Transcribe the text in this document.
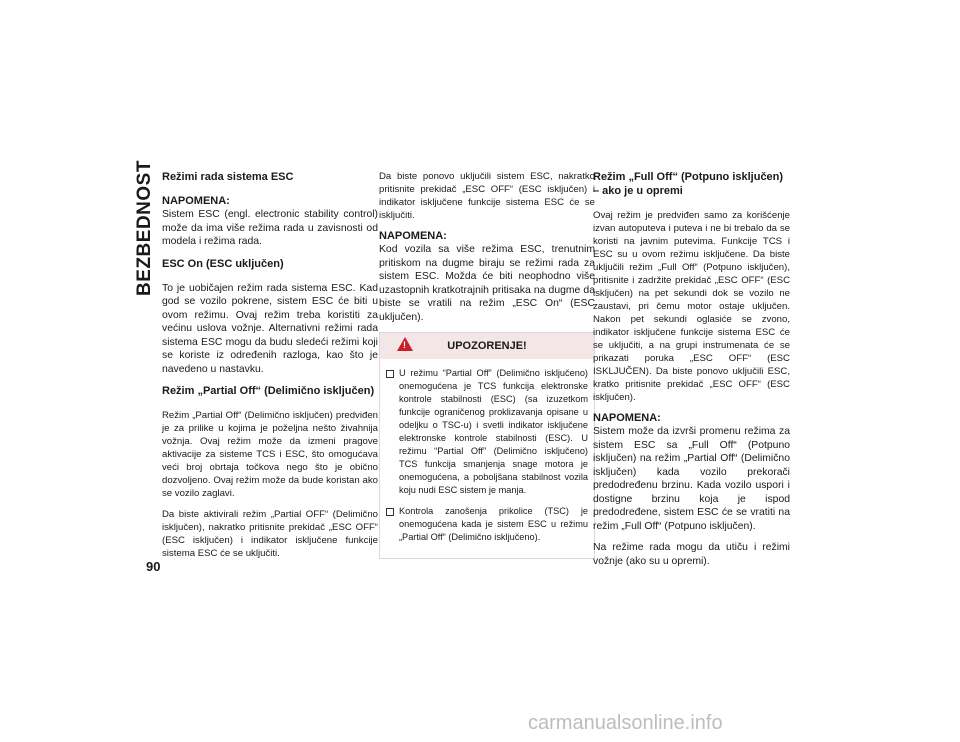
BEZBEDNOST
90
Režimi rada sistema ESC
NAPOMENA:

Sistem ESC (engl. electronic stability control) može da ima više režima rada u zavisnosti od modela i režima rada.

ESC On (ESC uključen)

To je uobičajen režim rada sistema ESC. Kad god se vozilo pokrene, sistem ESC će biti u ovom režimu. Ovaj režim treba koristiti za većinu uslova vožnje. Alternativni režimi rada sistema ESC mogu da budu sledeći režimi koji se koriste iz određenih razloga, kao što je navedeno u nastavku.

Režim „Partial Off“ (Delimično isključen)

Režim „Partial Off“ (Delimično isključen) predviđen je za prilike u kojima je poželjna nešto živahnija vožnja. Ovaj režim može da izmeni pragove aktivacije za sisteme TCS i ESC, što omogućava veći broj obrtaja točkova nego što je obično dozvoljeno. Ovaj režim može da bude koristan ako se vozilo zaglavi.

Da biste aktivirali režim „Partial OFF“ (Delimično isključen), nakratko pritisnite prekidač „ESC OFF“ (ESC isključen) i indikator isključene funkcije sistema ESC će se uključiti.

Da biste ponovo uključili sistem ESC, nakratko pritisnite prekidač „ESC OFF“ (ESC isključen) i indikator isključene funkcije sistema ESC će se isključiti.

NAPOMENA:

Kod vozila sa više režima ESC, trenutnim pritiskom na dugme biraju se režimi rada za sistem ESC. Možda će biti neophodno više uzastopnih kratkotrajnih pritisaka na dugme da biste se vratili na režim „ESC On“ (ESC uključen).

!
UPOZORENJE!
U režimu “Partial Off” (Delimično isključeno) onemogućena je TCS funkcija elektronske kontrole stabilnosti (ESC) (sa izuzetkom funkcije ograničenog proklizavanja opisane u odeljku o TSC-u) i svetli indikator isključene elektronske kontrole stabilnosti (ESC). U režimu “Partial Off” (Delimično isključeno) TCS funkcija smanjenja snage motora je onemogućena, a poboljšana stabilnost vozila koju nudi ESC sistem je manja.
Kontrola zanošenja prikolice (TSC) je onemogućena kada je sistem ESC u režimu „Partial Off“ (Delimično isključeno).
Režim „Full Off“ (Potpuno isključen) – ako je u opremi

Ovaj režim je predviđen samo za korišćenje izvan autoputeva i puteva i ne bi trebalo da se koristi na javnim putevima. Funkcije TCS i ESC su u ovom režimu isključene. Da biste uključili režim „Full Off“ (Potpuno isključen), pritisnite i zadržite prekidač „ESC OFF“ (ESC isključen) na pet sekundi dok se vozilo ne zaustavi, pri čemu motor ostaje uključen. Nakon pet sekundi oglasiće se zvono, indikator isključene funkcije sistema ESC će se uključiti, a na grupi instrumenata će se prikazati poruka „ESC OFF“ (ESC ISKLJUČEN). Da biste ponovo uključili ESC, kratko pritisnite prekidač „ESC OFF“ (ESC isključen).

NAPOMENA:

Sistem može da izvrši promenu režima za sistem ESC sa „Full Off“ (Potpuno isključen) na režim „Partial Off“ (Delimično isključen) kada vozilo prekorači predodređenu brzinu. Kada vozilo uspori i dostigne brzinu koja je ispod predodređene, sistem ESC će se vratiti na režim „Full Off“ (Potpuno isključen).

Na režime rada mogu da utiču i režimi vožnje (ako su u opremi).

carmanualsonline.info
